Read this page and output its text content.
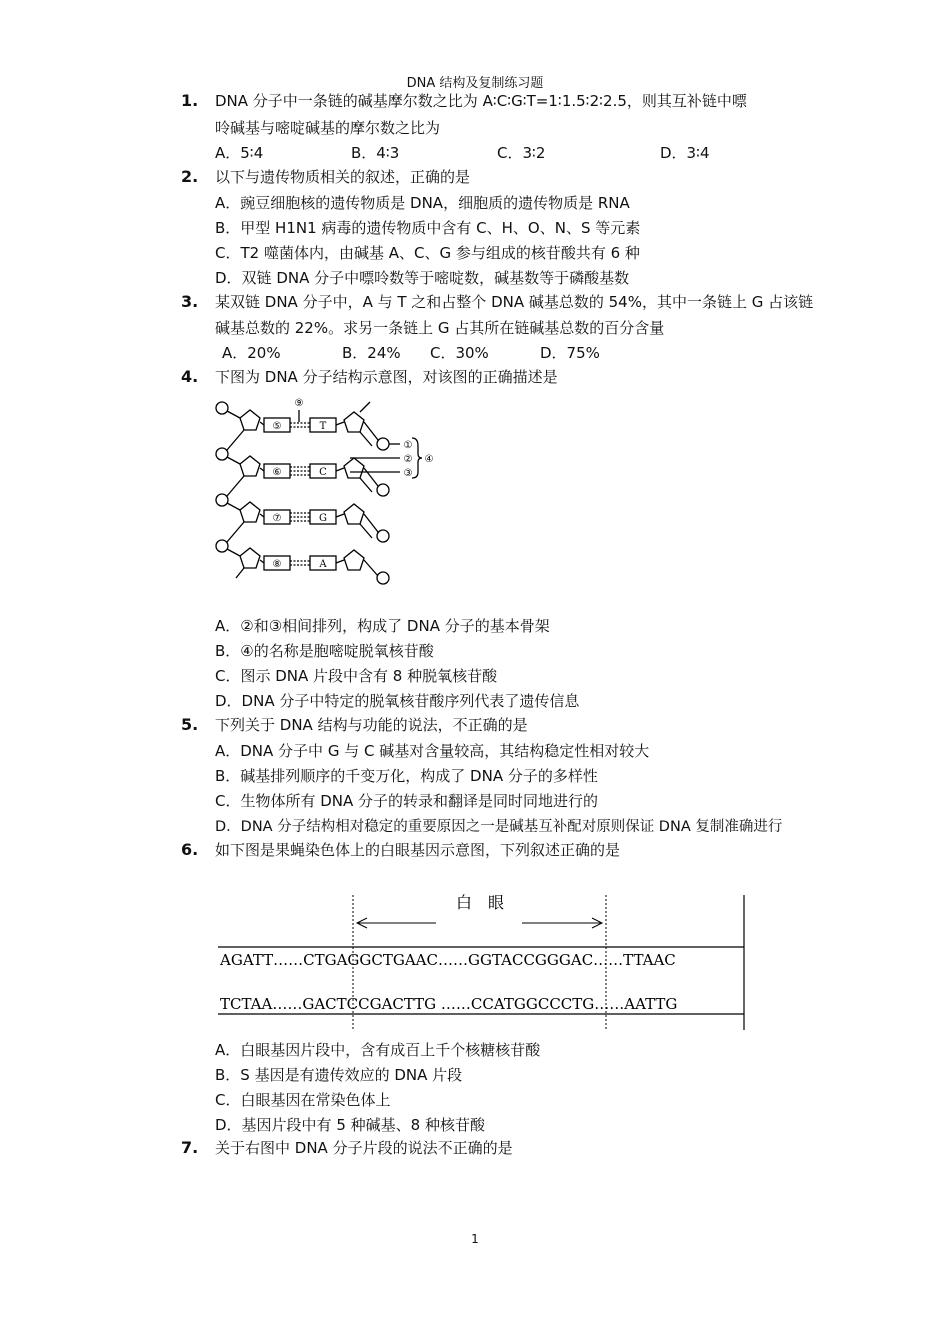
DNA 结构及复制练习题
1. DNA 分子中一条链的碱基摩尔数之比为 A∶C∶G∶T=1∶1.5∶2∶2.5，则其互补链中嘌
呤碱基与嘧啶碱基的摩尔数之比为
A．5∶4	B．4∶3	C．3∶2	D．3∶4
2. 以下与遗传物质相关的叙述，正确的是
A．豌豆细胞核的遗传物质是 DNA，细胞质的遗传物质是 RNA
B．甲型 H1N1 病毒的遗传物质中含有 C、H、O、N、S 等元素
C．T2 噬菌体内，由碱基 A、C、G 参与组成的核苷酸共有 6 种
D．双链 DNA 分子中嘌呤数等于嘧啶数，碱基数等于磷酸基数
3. 某双链 DNA 分子中，A 与 T 之和占整个 DNA 碱基总数的 54%，其中一条链上 G 占该链
碱基总数的 22%。求另一条链上 G 占其所在链碱基总数的百分含量
A．20%	B．24% C．30%	D．75%
4. 下图为 DNA 分子结构示意图，对该图的正确描述是
⑤
⑥
⑦
⑧
T
C
G
A
⑨
①
②
③
④
A．②和③相间排列，构成了 DNA 分子的基本骨架
B．④的名称是胞嘧啶脱氧核苷酸
C．图示 DNA 片段中含有 8 种脱氧核苷酸
D．DNA 分子中特定的脱氧核苷酸序列代表了遗传信息
5. 下列关于 DNA 结构与功能的说法，不正确的是
A．DNA 分子中 G 与 C 碱基对含量较高，其结构稳定性相对较大
B．碱基排列顺序的千变万化，构成了 DNA 分子的多样性
C．生物体所有 DNA 分子的转录和翻译是同时同地进行的
D．DNA 分子结构相对稳定的重要原因之一是碱基互补配对原则保证 DNA 复制准确进行
6. 如下图是果蝇染色体上的白眼基因示意图，下列叙述正确的是
白　眼
AGATT……CTGAGGCTGAAC……GGTACCGGGAC……TTAAC
TCTAA……GACTCCGACTTG ……CCATGGCCCTG……AATTG
A．白眼基因片段中，含有成百上千个核糖核苷酸
B．S 基因是有遗传效应的 DNA 片段
C．白眼基因在常染色体上
D．基因片段中有 5 种碱基、8 种核苷酸
7. 关于右图中 DNA 分子片段的说法不正确的是
1
